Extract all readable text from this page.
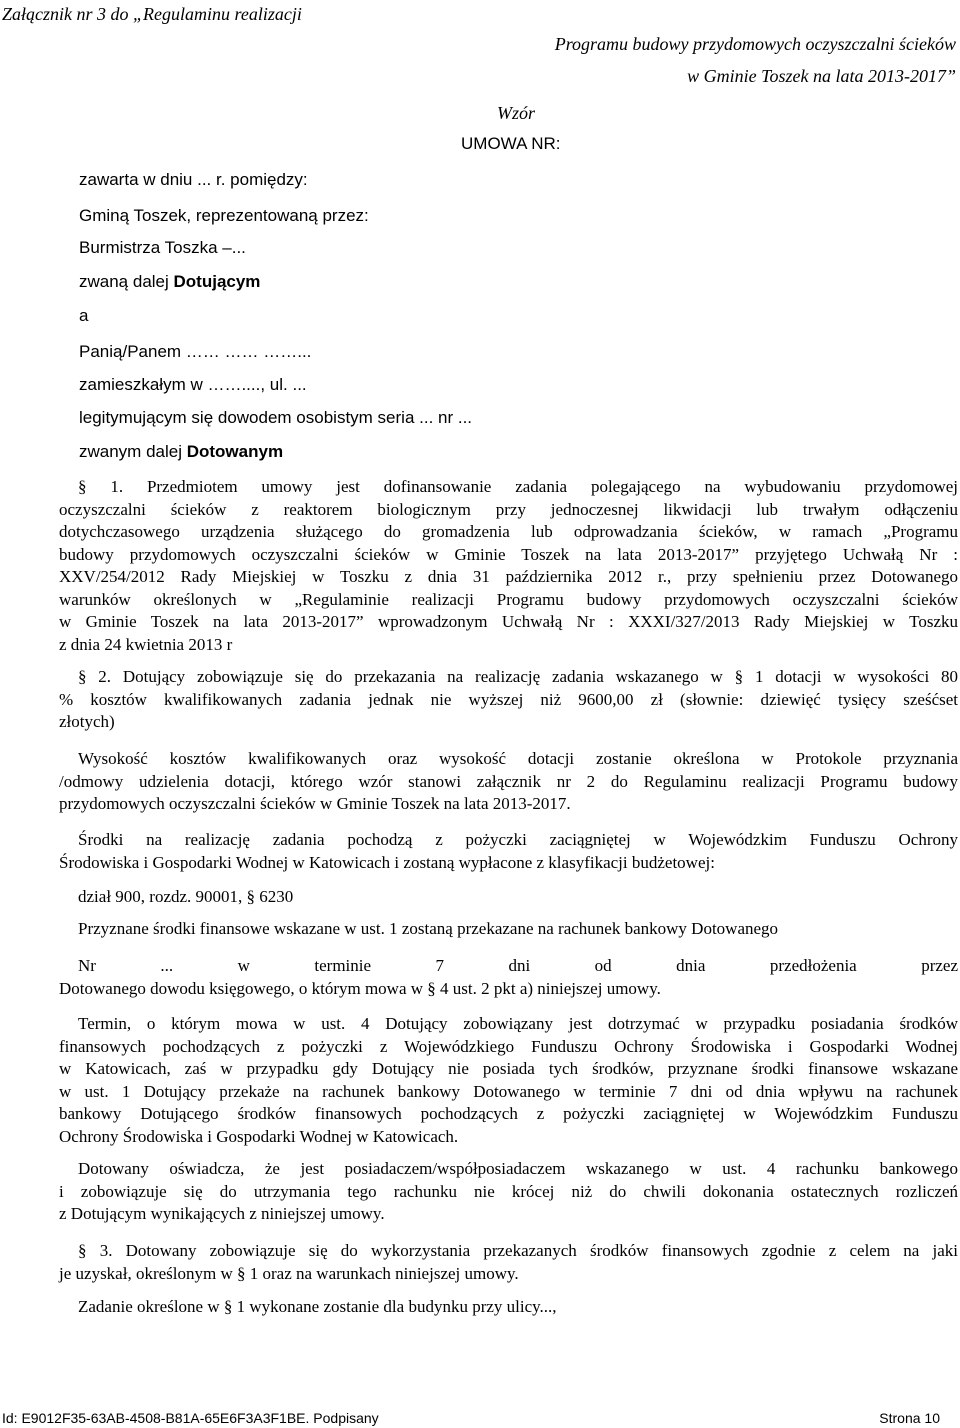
Załącznik nr 3 do „Regulaminu realizacji
Programu budowy przydomowych oczyszczalni ścieków
w Gminie Toszek na lata 2013-2017”
Wzór
UMOWA NR:
zawarta w dniu ... r. pomiędzy:
Gminą Toszek, reprezentowaną przez:
Burmistrza Toszka –...
zwaną dalej Dotującym
a
Panią/Panem …… …… ……...
zamieszkałym w ……...., ul. ...
legitymującym się dowodem osobistym seria ... nr ...
zwanym dalej Dotowanym
§ 1. Przedmiotem umowy jest dofinansowanie zadania polegającego na wybudowaniu przydomowej
oczyszczalni ścieków z reaktorem biologicznym przy jednoczesnej likwidacji lub trwałym odłączeniu
dotychczasowego urządzenia służącego do gromadzenia lub odprowadzania ścieków, w ramach „Programu
budowy przydomowych oczyszczalni ścieków w Gminie Toszek na lata 2013-2017” przyjętego Uchwałą Nr :
XXV/254/2012 Rady Miejskiej w Toszku z dnia 31 października 2012 r., przy spełnieniu przez Dotowanego
warunków określonych w „Regulaminie realizacji Programu budowy przydomowych oczyszczalni ścieków
w Gminie Toszek na lata 2013-2017” wprowadzonym Uchwałą Nr : XXXI/327/2013 Rady Miejskiej w Toszku
z dnia 24 kwietnia 2013 r
§ 2. Dotujący zobowiązuje się do przekazania na realizację zadania wskazanego w § 1 dotacji w wysokości 80
% kosztów kwalifikowanych zadania jednak nie wyższej niż 9600,00 zł (słownie: dziewięć tysięcy sześćset
złotych)
Wysokość kosztów kwalifikowanych oraz wysokość dotacji zostanie określona w Protokole przyznania
/odmowy udzielenia dotacji, którego wzór stanowi załącznik nr 2 do Regulaminu realizacji Programu budowy
przydomowych oczyszczalni ścieków w Gminie Toszek na lata 2013-2017.
Środki na realizację zadania pochodzą z pożyczki zaciągniętej w Wojewódzkim Funduszu Ochrony
Środowiska i Gospodarki Wodnej w Katowicach i zostaną wypłacone z klasyfikacji budżetowej:
dział 900, rozdz. 90001, § 6230
Przyznane środki finansowe wskazane w ust. 1 zostaną przekazane na rachunek bankowy Dotowanego
Nr ... w terminie 7 dni od dnia przedłożenia przez
Dotowanego dowodu księgowego, o którym mowa w § 4 ust. 2 pkt a) niniejszej umowy.
Termin, o którym mowa w ust. 4 Dotujący zobowiązany jest dotrzymać w przypadku posiadania środków
finansowych pochodzących z pożyczki z Wojewódzkiego Funduszu Ochrony Środowiska i Gospodarki Wodnej
w Katowicach, zaś w przypadku gdy Dotujący nie posiada tych środków, przyznane środki finansowe wskazane
w ust. 1 Dotujący przekaże na rachunek bankowy Dotowanego w terminie 7 dni od dnia wpływu na rachunek
bankowy Dotującego środków finansowych pochodzących z pożyczki zaciągniętej w Wojewódzkim Funduszu
Ochrony Środowiska i Gospodarki Wodnej w Katowicach.
Dotowany oświadcza, że jest posiadaczem/współposiadaczem wskazanego w ust. 4 rachunku bankowego
i zobowiązuje się do utrzymania tego rachunku nie krócej niż do chwili dokonania ostatecznych rozliczeń
z Dotującym wynikających z niniejszej umowy.
§ 3. Dotowany zobowiązuje się do wykorzystania przekazanych środków finansowych zgodnie z celem na jaki
je uzyskał, określonym w § 1 oraz na warunkach niniejszej umowy.
Zadanie określone w § 1 wykonane zostanie dla budynku przy ulicy...,
Id: E9012F35-63AB-4508-B81A-65E6F3A3F1BE. Podpisany	Strona 10
